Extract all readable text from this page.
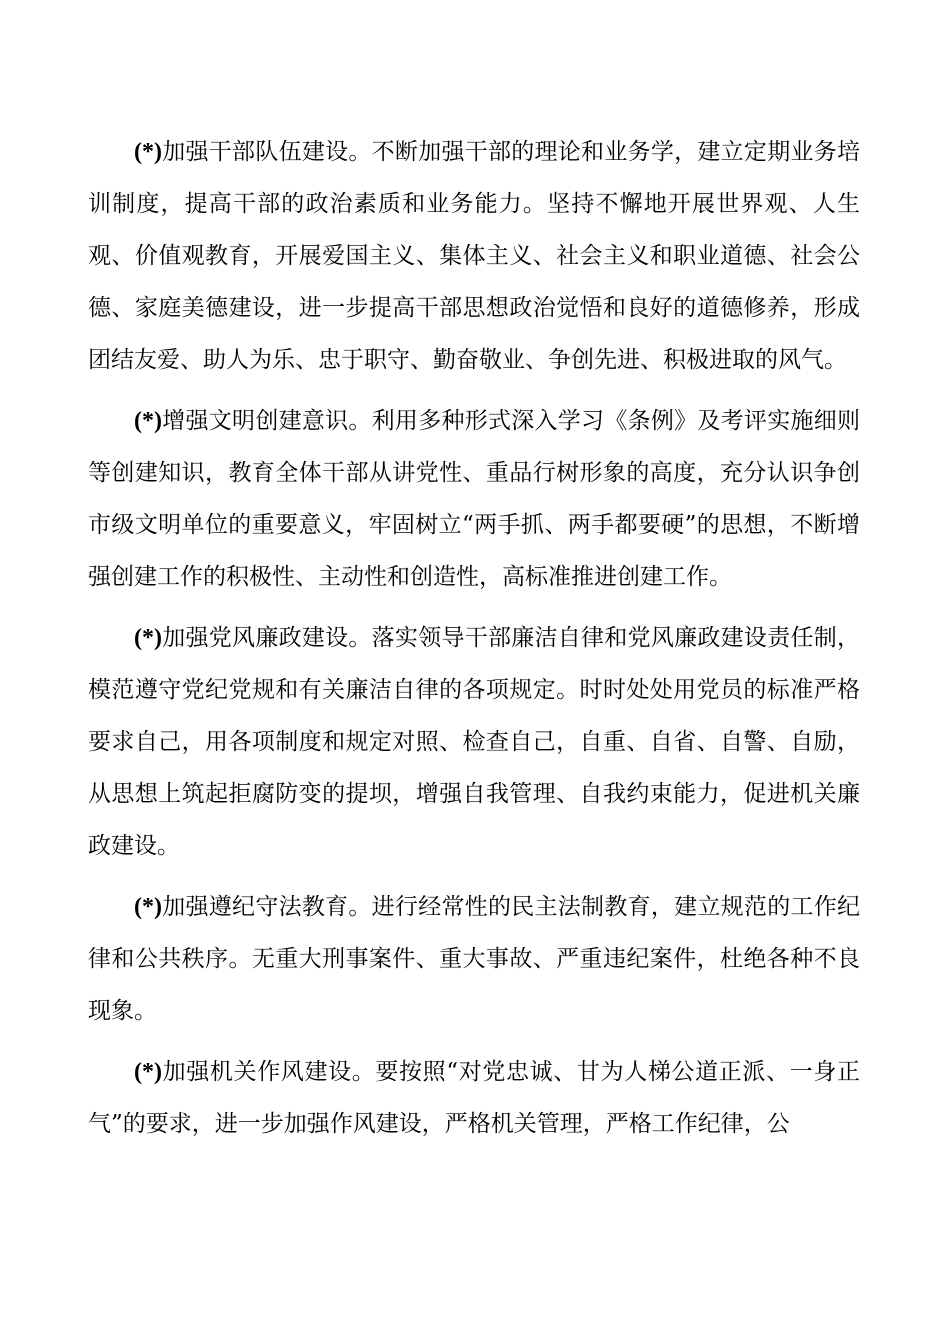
(*)加强干部队伍建设。不断加强干部的理论和业务学，建立定期业务培训制度，提高干部的政治素质和业务能力。坚持不懈地开展世界观、人生观、价值观教育，开展爱国主义、集体主义、社会主义和职业道德、社会公德、家庭美德建设，进一步提高干部思想政治觉悟和良好的道德修养，形成团结友爱、助人为乐、忠于职守、勤奋敬业、争创先进、积极进取的风气。

(*)增强文明创建意识。利用多种形式深入学习《条例》及考评实施细则等创建知识，教育全体干部从讲党性、重品行树形象的高度，充分认识争创市级文明单位的重要意义，牢固树立“两手抓、两手都要硬”的思想，不断增强创建工作的积极性、主动性和创造性，高标准推进创建工作。

(*)加强党风廉政建设。落实领导干部廉洁自律和党风廉政建设责任制，模范遵守党纪党规和有关廉洁自律的各项规定。时时处处用党员的标准严格要求自己，用各项制度和规定对照、检查自己，自重、自省、自警、自励，从思想上筑起拒腐防变的提坝，增强自我管理、自我约束能力，促进机关廉政建设。

(*)加强遵纪守法教育。进行经常性的民主法制教育，建立规范的工作纪律和公共秩序。无重大刑事案件、重大事故、严重违纪案件，杜绝各种不良现象。

(*)加强机关作风建设。要按照“对党忠诚、甘为人梯公道正派、一身正气”的要求，进一步加强作风建设，严格机关管理，严格工作纪律，公
